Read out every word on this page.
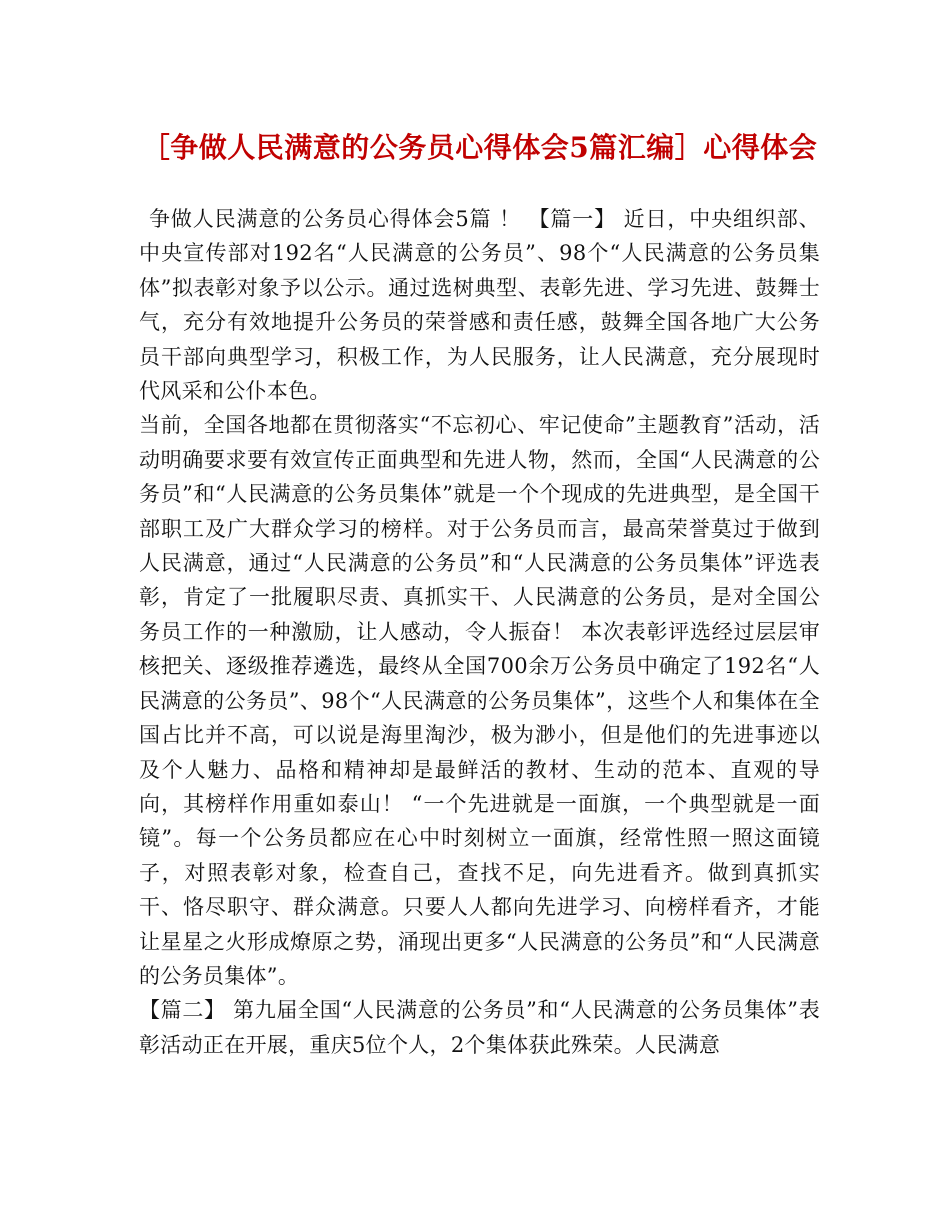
［争做人民满意的公务员心得体会5篇汇编］心得体会

争做人民满意的公务员心得体会5篇 ！ 【篇一】 近日，中央组织部、中央宣传部对192名“人民满意的公务员”、98个“人民满意的公务员集体”拟表彰对象予以公示。通过选树典型、表彰先进、学习先进、鼓舞士气，充分有效地提升公务员的荣誉感和责任感，鼓舞全国各地广大公务员干部向典型学习，积极工作，为人民服务，让人民满意，充分展现时代风采和公仆本色。

当前，全国各地都在贯彻落实“不忘初心、牢记使命”主题教育”活动，活动明确要求要有效宣传正面典型和先进人物，然而，全国“人民满意的公务员”和“人民满意的公务员集体”就是一个个现成的先进典型，是全国干部职工及广大群众学习的榜样。对于公务员而言，最高荣誉莫过于做到人民满意，通过“人民满意的公务员”和“人民满意的公务员集体”评选表彰，肯定了一批履职尽责、真抓实干、人民满意的公务员，是对全国公务员工作的一种激励，让人感动，令人振奋！ 本次表彰评选经过层层审核把关、逐级推荐遴选，最终从全国700余万公务员中确定了192名“人民满意的公务员”、98个“人民满意的公务员集体”，这些个人和集体在全国占比并不高，可以说是海里淘沙，极为渺小，但是他们的先进事迹以及个人魅力、品格和精神却是最鲜活的教材、生动的范本、直观的导向，其榜样作用重如泰山！ “一个先进就是一面旗，一个典型就是一面镜”。每一个公务员都应在心中时刻树立一面旗，经常性照一照这面镜子，对照表彰对象，检查自己，查找不足，向先进看齐。做到真抓实干、恪尽职守、群众满意。只要人人都向先进学习、向榜样看齐，才能让星星之火形成燎原之势，涌现出更多“人民满意的公务员”和“人民满意的公务员集体”。

【篇二】 第九届全国“人民满意的公务员”和“人民满意的公务员集体”表彰活动正在开展，重庆5位个人，2个集体获此殊荣。人民满意
